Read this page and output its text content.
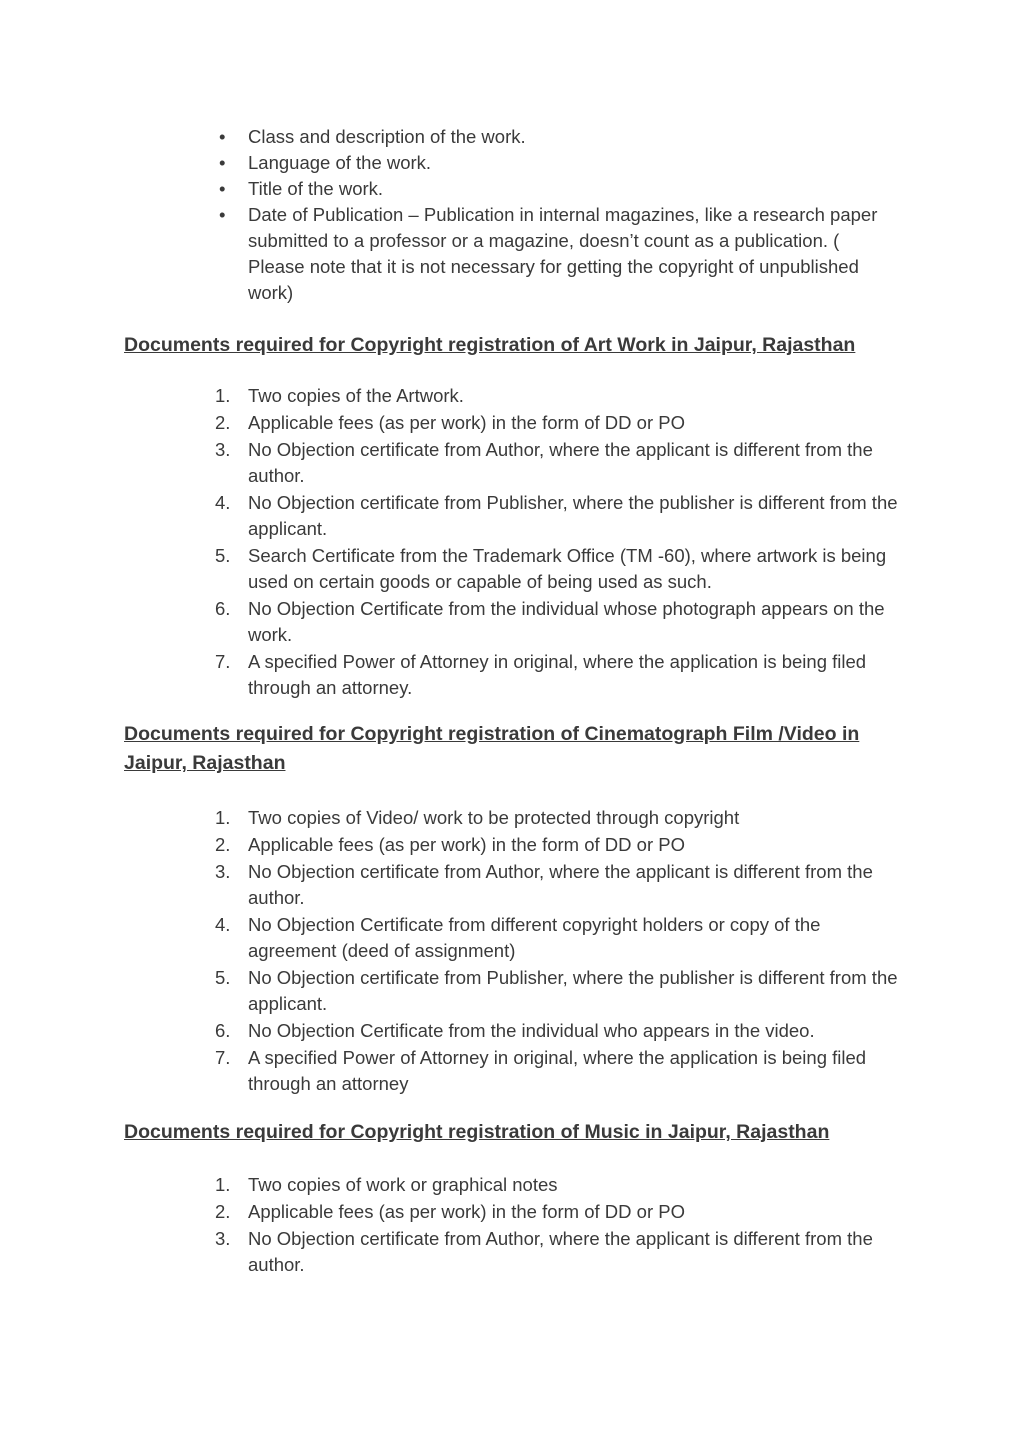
• Class and description of the work.
• Language of the work.
• Title of the work.
• Date of Publication – Publication in internal magazines, like a research paper submitted to a professor or a magazine, doesn’t count as a publication. ( Please note that it is not necessary for getting the copyright of unpublished work)
Documents required for Copyright registration of Art Work in Jaipur, Rajasthan
1. Two copies of the Artwork.
2. Applicable fees (as per work) in the form of DD or PO
3. No Objection certificate from Author, where the applicant is different from the author.
4. No Objection certificate from Publisher, where the publisher is different from the applicant.
5. Search Certificate from the Trademark Office (TM -60), where artwork is being used on certain goods or capable of being used as such.
6. No Objection Certificate from the individual whose photograph appears on the work.
7. A specified Power of Attorney in original, where the application is being filed through an attorney.
Documents required for Copyright registration of Cinematograph Film /Video in Jaipur, Rajasthan
1. Two copies of Video/ work to be protected through copyright
2. Applicable fees (as per work) in the form of DD or PO
3. No Objection certificate from Author, where the applicant is different from the author.
4. No Objection Certificate from different copyright holders or copy of the agreement (deed of assignment)
5. No Objection certificate from Publisher, where the publisher is different from the applicant.
6. No Objection Certificate from the individual who appears in the video.
7. A specified Power of Attorney in original, where the application is being filed through an attorney
Documents required for Copyright registration of Music in Jaipur, Rajasthan
1. Two copies of work or graphical notes
2. Applicable fees (as per work) in the form of DD or PO
3. No Objection certificate from Author, where the applicant is different from the author.
